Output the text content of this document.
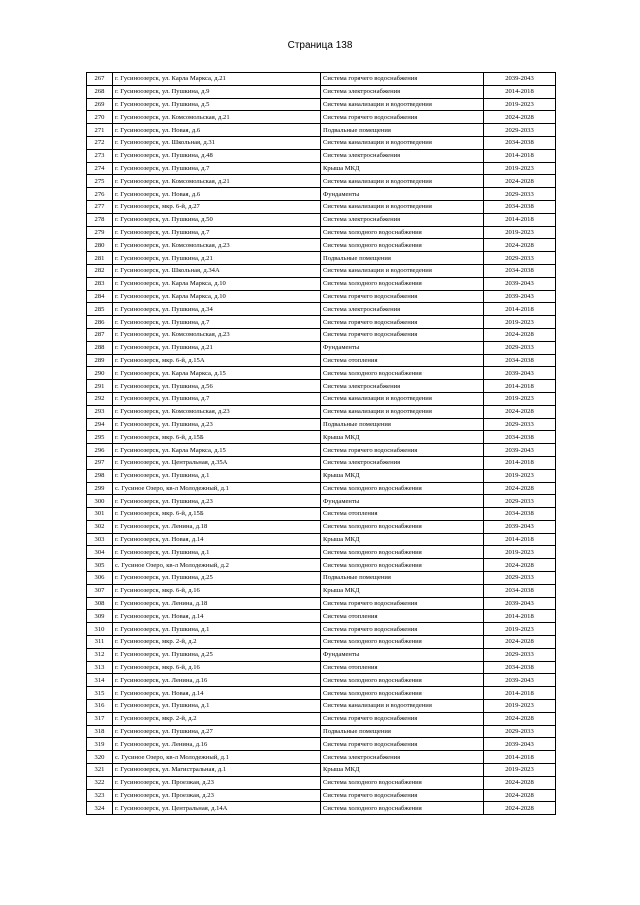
Страница 138
267	г. Гусиноозерск, ул. Карла Маркса, д.21	Система горячего водоснабжения	2039-2043
268	г. Гусиноозерск, ул. Пушкина, д.9	Система электроснабжения	2014-2018
269	г. Гусиноозерск, ул. Пушкина, д.5	Система канализации и водоотведения	2019-2023
270	г. Гусиноозерск, ул. Комсомольская, д.21	Система горячего водоснабжения	2024-2028
271	г. Гусиноозерск, ул. Новая, д.6	Подвальные помещения	2029-2033
272	г. Гусиноозерск, ул. Школьная, д.31	Система канализации и водоотведения	2034-2038
273	г. Гусиноозерск, ул. Пушкина, д.48	Система электроснабжения	2014-2018
274	г. Гусиноозерск, ул. Пушкина, д.7	Крыша МКД	2019-2023
275	г. Гусиноозерск, ул. Комсомольская, д.21	Система канализации и водоотведения	2024-2028
276	г. Гусиноозерск, ул. Новая, д.6	Фундаменты	2029-2033
277	г. Гусиноозерск, мкр. 6-й, д.27	Система канализации и водоотведения	2034-2038
278	г. Гусиноозерск, ул. Пушкина, д.50	Система электроснабжения	2014-2018
279	г. Гусиноозерск, ул. Пушкина, д.7	Система холодного водоснабжения	2019-2023
280	г. Гусиноозерск, ул. Комсомольская, д.23	Система холодного водоснабжения	2024-2028
281	г. Гусиноозерск, ул. Пушкина, д.21	Подвальные помещения	2029-2033
282	г. Гусиноозерск, ул. Школьная, д.34А	Система канализации и водоотведения	2034-2038
283	г. Гусиноозерск, ул. Карла Маркса, д.10	Система холодного водоснабжения	2039-2043
284	г. Гусиноозерск, ул. Карла Маркса, д.10	Система горячего водоснабжения	2039-2043
285	г. Гусиноозерск, ул. Пушкина, д.34	Система электроснабжения	2014-2018
286	г. Гусиноозерск, ул. Пушкина, д.7	Система горячего водоснабжения	2019-2023
287	г. Гусиноозерск, ул. Комсомольская, д.23	Система горячего водоснабжения	2024-2028
288	г. Гусиноозерск, ул. Пушкина, д.21	Фундаменты	2029-2033
289	г. Гусиноозерск, мкр. 6-й, д.15А	Система отопления	2034-2038
290	г. Гусиноозерск, ул. Карла Маркса, д.15	Система холодного водоснабжения	2039-2043
291	г. Гусиноозерск, ул. Пушкина, д.56	Система электроснабжения	2014-2018
292	г. Гусиноозерск, ул. Пушкина, д.7	Система канализации и водоотведения	2019-2023
293	г. Гусиноозерск, ул. Комсомольская, д.23	Система канализации и водоотведения	2024-2028
294	г. Гусиноозерск, ул. Пушкина, д.23	Подвальные помещения	2029-2033
295	г. Гусиноозерск, мкр. 6-й, д.15Б	Крыша МКД	2034-2038
296	г. Гусиноозерск, ул. Карла Маркса, д.15	Система горячего водоснабжения	2039-2043
297	г. Гусиноозерск, ул. Центральная, д.35А	Система электроснабжения	2014-2018
298	г. Гусиноозерск, ул. Пушкина, д.1	Крыша МКД	2019-2023
299	с. Гусиное Озеро, кв-л Молодежный, д.1	Система холодного водоснабжения	2024-2028
300	г. Гусиноозерск, ул. Пушкина, д.23	Фундаменты	2029-2033
301	г. Гусиноозерск, мкр. 6-й, д.15Б	Система отопления	2034-2038
302	г. Гусиноозерск, ул. Ленина, д.18	Система холодного водоснабжения	2039-2043
303	г. Гусиноозерск, ул. Новая, д.14	Крыша МКД	2014-2018
304	г. Гусиноозерск, ул. Пушкина, д.1	Система холодного водоснабжения	2019-2023
305	с. Гусиное Озеро, кв-л Молодежный, д.2	Система холодного водоснабжения	2024-2028
306	г. Гусиноозерск, ул. Пушкина, д.25	Подвальные помещения	2029-2033
307	г. Гусиноозерск, мкр. 6-й, д.16	Крыша МКД	2034-2038
308	г. Гусиноозерск, ул. Ленина, д.18	Система горячего водоснабжения	2039-2043
309	г. Гусиноозерск, ул. Новая, д.14	Система отопления	2014-2018
310	г. Гусиноозерск, ул. Пушкина, д.1	Система горячего водоснабжения	2019-2023
311	г. Гусиноозерск, мкр. 2-й, д.2	Система холодного водоснабжения	2024-2028
312	г. Гусиноозерск, ул. Пушкина, д.25	Фундаменты	2029-2033
313	г. Гусиноозерск, мкр. 6-й, д.16	Система отопления	2034-2038
314	г. Гусиноозерск, ул. Ленина, д.16	Система холодного водоснабжения	2039-2043
315	г. Гусиноозерск, ул. Новая, д.14	Система холодного водоснабжения	2014-2018
316	г. Гусиноозерск, ул. Пушкина, д.1	Система канализации и водоотведения	2019-2023
317	г. Гусиноозерск, мкр. 2-й, д.2	Система горячего водоснабжения	2024-2028
318	г. Гусиноозерск, ул. Пушкина, д.27	Подвальные помещения	2029-2033
319	г. Гусиноозерск, ул. Ленина, д.16	Система горячего водоснабжения	2039-2043
320	с. Гусиное Озеро, кв-л Молодежный, д.1	Система электроснабжения	2014-2018
321	г. Гусиноозерск, ул. Магистральная, д.1	Крыша МКД	2019-2023
322	г. Гусиноозерск, ул. Проезжая, д.23	Система холодного водоснабжения	2024-2028
323	г. Гусиноозерск, ул. Проезжая, д.23	Система горячего водоснабжения	2024-2028
324	г. Гусиноозерск, ул. Центральная, д.14А	Система холодного водоснабжения	2024-2028
